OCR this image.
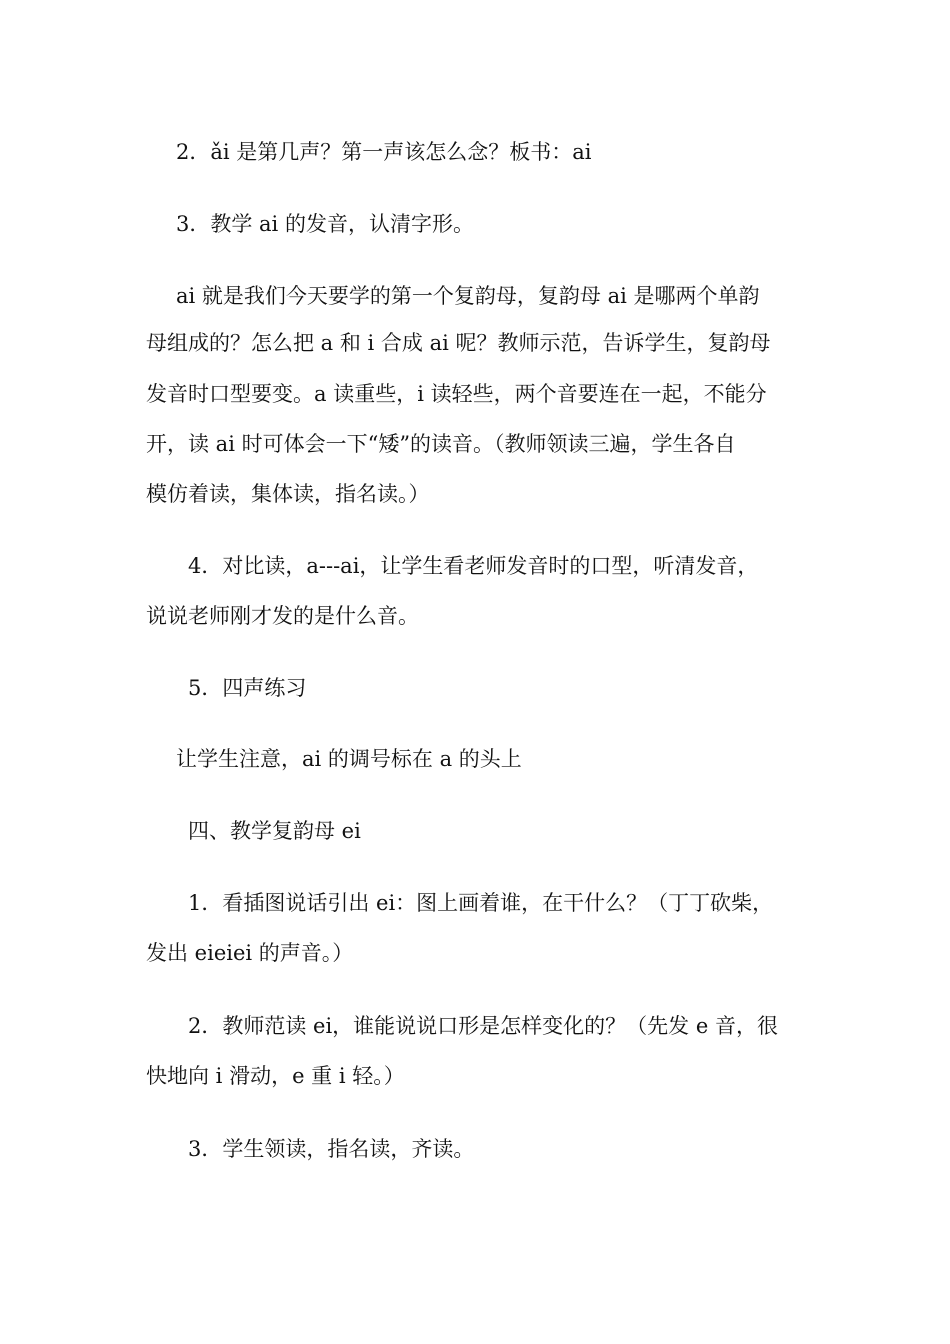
2．ǎi 是第几声？第一声该怎么念？板书：ai
3．教学 ai 的发音，认清字形。
ai 就是我们今天要学的第一个复韵母，复韵母 ai 是哪两个单韵
母组成的？怎么把 a 和 i 合成 ai 呢？教师示范，告诉学生，复韵母
发音时口型要变。a 读重些，i 读轻些，两个音要连在一起，不能分
开，读 ai 时可体会一下“矮”的读音。（教师领读三遍，学生各自
模仿着读，集体读，指名读。）
4．对比读，a---ai，让学生看老师发音时的口型，听清发音，
说说老师刚才发的是什么音。
5．四声练习
让学生注意，ai 的调号标在 a 的头上
四、教学复韵母 ei
1．看插图说话引出 ei：图上画着谁，在干什么？（丁丁砍柴，
发出 eieiei 的声音。）
2．教师范读 ei，谁能说说口形是怎样变化的？（先发 e 音，很
快地向 i 滑动，e 重 i 轻。）
3．学生领读，指名读，齐读。
